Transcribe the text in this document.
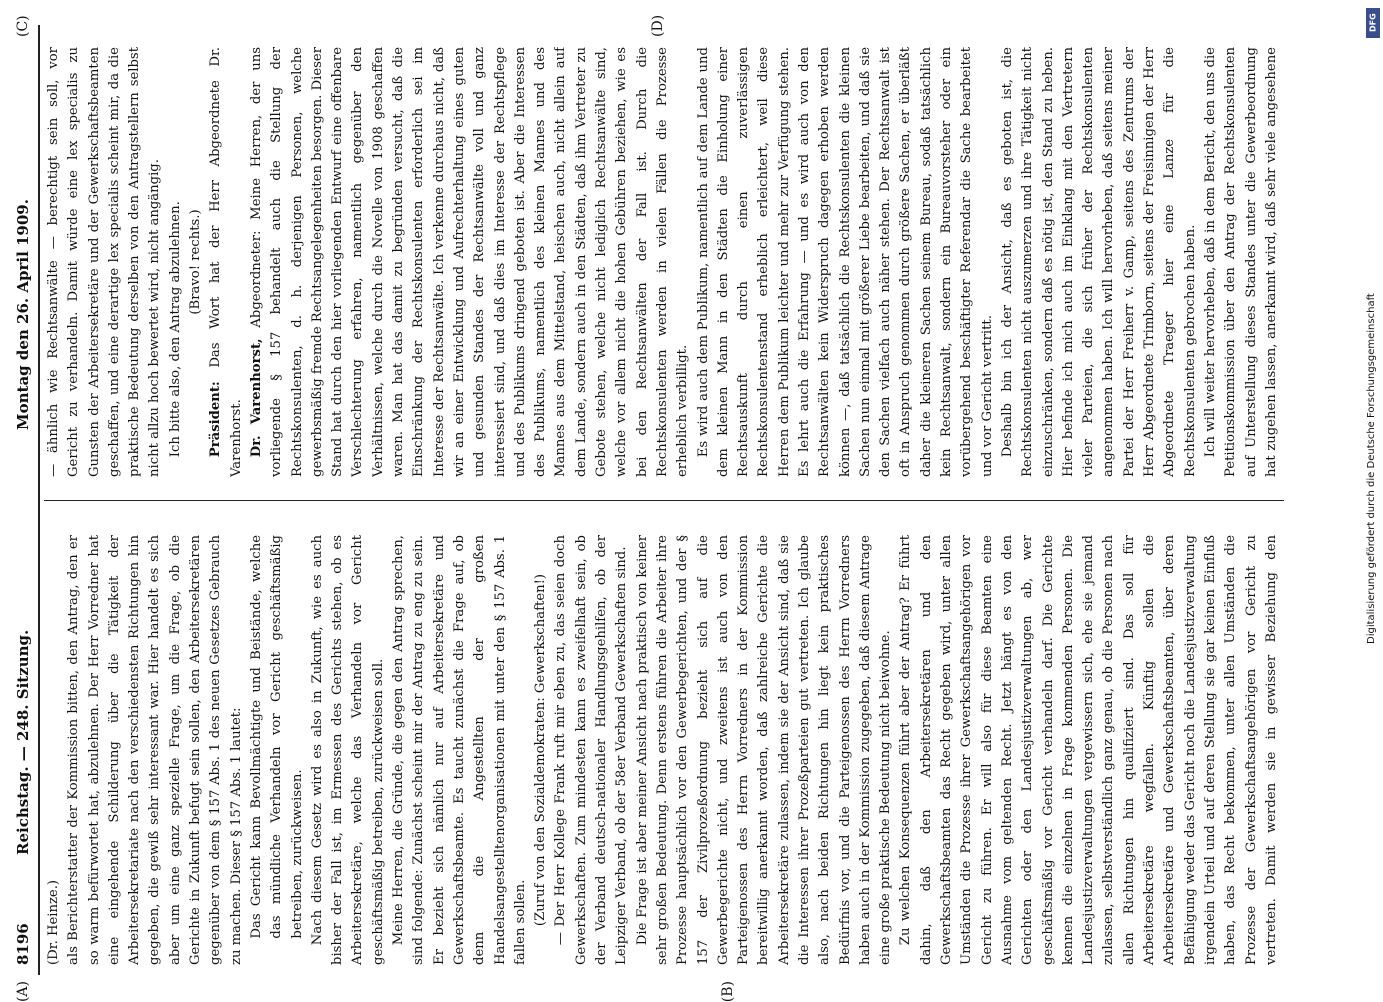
8196
Reichstag. — 248. Sitzung.
Montag den 26. April 1909.
(A)	(B)
(C)	(D)

(Dr. Heinze.) als Berichterstatter der Kommission bitten, den Antrag, den er so warm befürwortet hat, abzulehnen. Der Herr Vorredner hat eine eingehende Schilderung über die Tätigkeit der Arbeitersekretariate nach den verschiedensten Richtungen hin gegeben, die gewiß sehr interessant war. Hier handelt es sich aber um eine ganz spezielle Frage, um die Frage, ob die Gerichte in Zukunft befugt sein sollen, den Arbeitersekretären gegenüber von dem § 157 Abs. 1 des neuen Gesetzes Gebrauch zu machen. Dieser § 157 Abs. 1 lautet: Das Gericht kann Bevollmächtigte und Beistände, welche das mündliche Verhandeln vor Gericht geschäftsmäßig betreiben, zurückweisen. Nach diesem Gesetz wird es also in Zukunft, wie es auch bisher der Fall ist, im Ermessen des Gerichts stehen, ob es Arbeitersekretäre, welche das Verhandeln vor Gericht geschäftsmäßig betreiben, zurückweisen soll. Meine Herren, die Gründe, die gegen den Antrag sprechen, sind folgende: Zunächst scheint mir der Antrag zu eng zu sein. Er bezieht sich nämlich nur auf Arbeitersekretäre und Gewerkschaftsbeamte. Es taucht zunächst die Frage auf, ob denn die Angestellten der großen Handelsangestelltenorganisationen mit unter den § 157 Abs. 1 fallen sollen. (Zuruf von den Sozialdemokraten: Gewerkschaften!) — Der Herr Kollege Frank ruft mir eben zu, das seien doch Gewerkschaften. Zum mindesten kann es zweifelhaft sein, ob der Verband deutsch-nationaler Handlungsgehilfen, ob der Leipziger Verband, ob der 58er Verband Gewerkschaften sind. Die Frage ist aber meiner Ansicht nach praktisch von keiner sehr großen Bedeutung. Denn erstens führen die Arbeiter ihre Prozesse hauptsächlich vor den Gewerbegerichten, und der § 157 der Zivilprozeßordnung bezieht sich auf die Gewerbegerichte nicht, und zweitens ist auch von den Parteigenossen des Herrn Vorredners in der Kommission bereitwillig anerkannt worden, daß zahlreiche Gerichte die Arbeitersekretäre zulassen, indem sie der Ansicht sind, daß sie die Interessen ihrer Prozeßparteien gut vertreten. Ich glaube also, nach beiden Richtungen hin liegt kein praktisches Bedürfnis vor, und die Parteigenossen des Herrn Vorredners haben auch in der Kommission zugegeben, daß diesem Antrage eine große praktische Bedeutung nicht beiwohne. Zu welchen Konsequenzen führt aber der Antrag? Er führt dahin, daß den Arbeitersekretären und den Gewerkschaftsbeamten das Recht gegeben wird, unter allen Umständen die Prozesse ihrer Gewerkschaftsangehörigen vor Gericht zu führen. Er will also für diese Beamten eine Ausnahme vom geltenden Recht. Jetzt hängt es von den Gerichten oder den Landesjustizverwaltungen ab, wer geschäftsmäßig vor Gericht verhandeln darf. Die Gerichte kennen die einzelnen in Frage kommenden Personen. Die Landesjustizverwaltungen vergewissern sich, ehe sie jemand zulassen, selbstverständlich ganz genau, ob die Personen nach allen Richtungen hin qualifiziert sind. Das soll für Arbeitersekretäre wegfallen. Künftig sollen die Arbeitersekretäre und Gewerkschaftsbeamten, über deren Befähigung weder das Gericht noch die Landesjustizverwaltung irgendein Urteil und auf deren Stellung sie gar keinen Einfluß haben, das Recht bekommen, unter allen Umständen die Prozesse der Gewerkschaftsangehörigen vor Gericht zu vertreten. Damit werden sie in gewisser Beziehung den

— ähnlich wie Rechtsanwälte — berechtigt sein soll, vor Gericht zu verhandeln. Damit würde eine lex specialis zu Gunsten der Arbeitersekretäre und der Gewerkschaftsbeamten geschaffen, und eine derartige lex specialis scheint mir, da die praktische Bedeutung derselben von den Antragstellern selbst nicht allzu hoch bewertet wird, nicht angängig. Ich bitte also, den Antrag abzulehnen. (Bravo! rechts.)

Präsident: Das Wort hat der Herr Abgeordnete Dr. Varenhorst. Dr. Varenhorst, Abgeordneter: Meine Herren, der uns vorliegende § 157 behandelt auch die Stellung der Rechtskonsulenten, d. h. derjenigen Personen, welche gewerbsmäßig fremde Rechtsangelegenheiten besorgen. Dieser Stand hat durch den hier vorliegenden Entwurf eine offenbare Verschlechterung erfahren, namentlich gegenüber den Verhältnissen, welche durch die Novelle von 1908 geschaffen waren. Man hat das damit zu begründen versucht, daß die Einschränkung der Rechtskonsulenten erforderlich sei im Interesse der Rechtsanwälte. Ich verkenne durchaus nicht, daß wir an einer Entwicklung und Aufrechterhaltung eines guten und gesunden Standes der Rechtsanwälte voll und ganz interessiert sind, und daß dies im Interesse der Rechtspflege und des Publikums dringend geboten ist. Aber die Interessen des Publikums, namentlich des kleinen Mannes und des Mannes aus dem Mittelstand, heischen auch, nicht allein auf dem Lande, sondern auch in den Städten, daß ihm Vertreter zu Gebote stehen, welche nicht lediglich Rechtsanwälte sind, welche vor allem nicht die hohen Gebühren beziehen, wie es bei den Rechtsanwälten der Fall ist. Durch die Rechtskonsulenten werden in vielen Fällen die Prozesse erheblich verbilligt. Es wird auch dem Publikum, namentlich auf dem Lande und dem kleinen Mann in den Städten die Einholung einer Rechtsauskunft durch einen zuverlässigen Rechtskonsulentenstand erheblich erleichtert, weil diese Herren dem Publikum leichter und mehr zur Verfügung stehen. Es lehrt auch die Erfahrung — und es wird auch von den Rechtsanwälten kein Widerspruch dagegen erhoben werden können —, daß tatsächlich die Rechtskonsulenten die kleinen Sachen nun einmal mit größerer Liebe bearbeiten, und daß sie den Sachen vielfach auch näher stehen. Der Rechtsanwalt ist oft in Anspruch genommen durch größere Sachen, er überläßt daher die kleineren Sachen seinem Bureau, sodaß tatsächlich kein Rechtsanwalt, sondern ein Bureauvorsteher oder ein vorübergehend beschäftigter Referendar die Sache bearbeitet und vor Gericht vertritt. Deshalb bin ich der Ansicht, daß es geboten ist, die Rechtskonsulenten nicht auszumerzen und ihre Tätigkeit nicht einzuschränken, sondern daß es nötig ist, den Stand zu heben. Hier befinde ich mich auch im Einklang mit den Vertretern vieler Parteien, die sich früher der Rechtskonsulenten angenommen haben. Ich will hervorheben, daß seitens meiner Partei der Herr Freiherr v. Gamp, seitens des Zentrums der Herr Abgeordnete Trimborn, seitens der Freisinnigen der Herr Abgeordnete Traeger hier eine Lanze für die Rechtskonsulenten gebrochen haben. Ich will weiter hervorheben, daß in dem Bericht, den uns die Petitionskommission über den Antrag der Rechtskonsulenten auf Unterstellung dieses Standes unter die Gewerbeordnung hat zugehen lassen, anerkannt wird, daß sehr viele angesehene

DFG
Digitalisierung gefördert durch die Deutsche Forschungsgemeinschaft
